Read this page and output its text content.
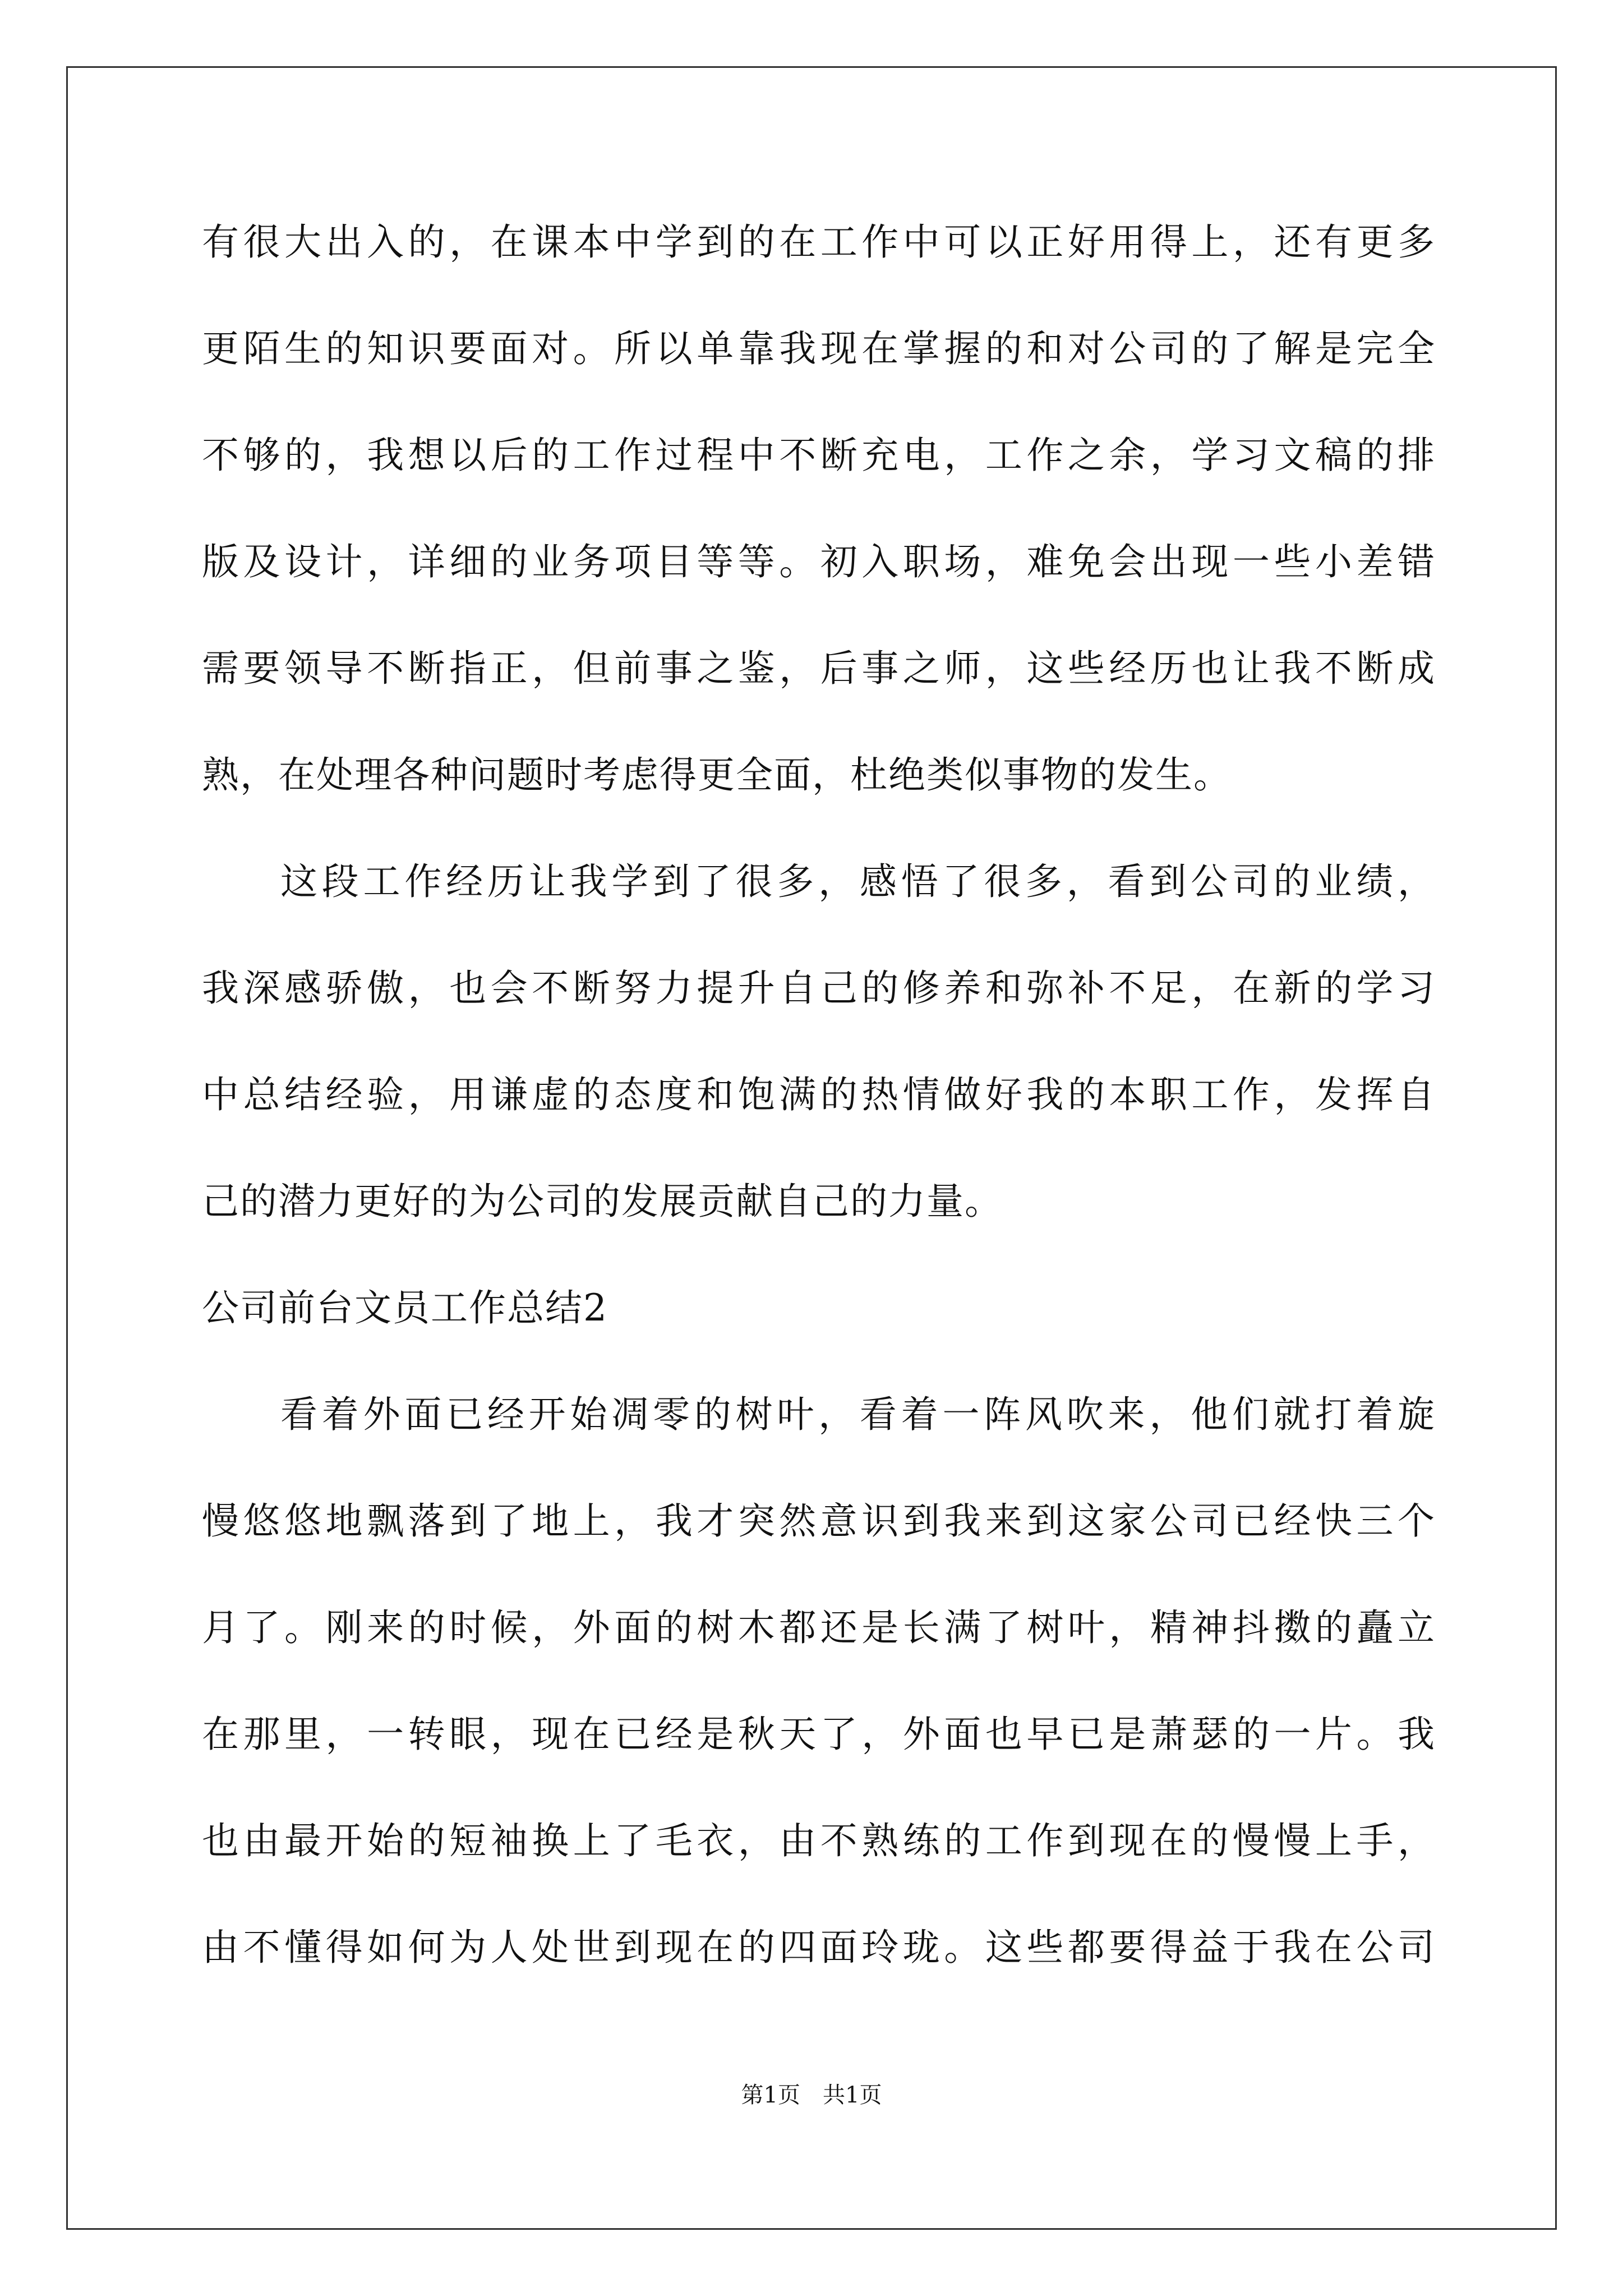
有很大出入的，在课本中学到的在工作中可以正好用得上，还有更多
更陌生的知识要面对。所以单靠我现在掌握的和对公司的了解是完全
不够的，我想以后的工作过程中不断充电，工作之余，学习文稿的排
版及设计，详细的业务项目等等。初入职场，难免会出现一些小差错
需要领导不断指正，但前事之鉴，后事之师，这些经历也让我不断成
熟，在处理各种问题时考虑得更全面，杜绝类似事物的发生。
这段工作经历让我学到了很多，感悟了很多，看到公司的业绩，
我深感骄傲，也会不断努力提升自己的修养和弥补不足，在新的学习
中总结经验，用谦虚的态度和饱满的热情做好我的本职工作，发挥自
己的潜力更好的为公司的发展贡献自己的力量。
公司前台文员工作总结2
看着外面已经开始凋零的树叶，看着一阵风吹来，他们就打着旋
慢悠悠地飘落到了地上，我才突然意识到我来到这家公司已经快三个
月了。刚来的时候，外面的树木都还是长满了树叶，精神抖擞的矗立
在那里，一转眼，现在已经是秋天了，外面也早已是萧瑟的一片。我
也由最开始的短袖换上了毛衣，由不熟练的工作到现在的慢慢上手，
由不懂得如何为人处世到现在的四面玲珑。这些都要得益于我在公司
第1页　共1页
